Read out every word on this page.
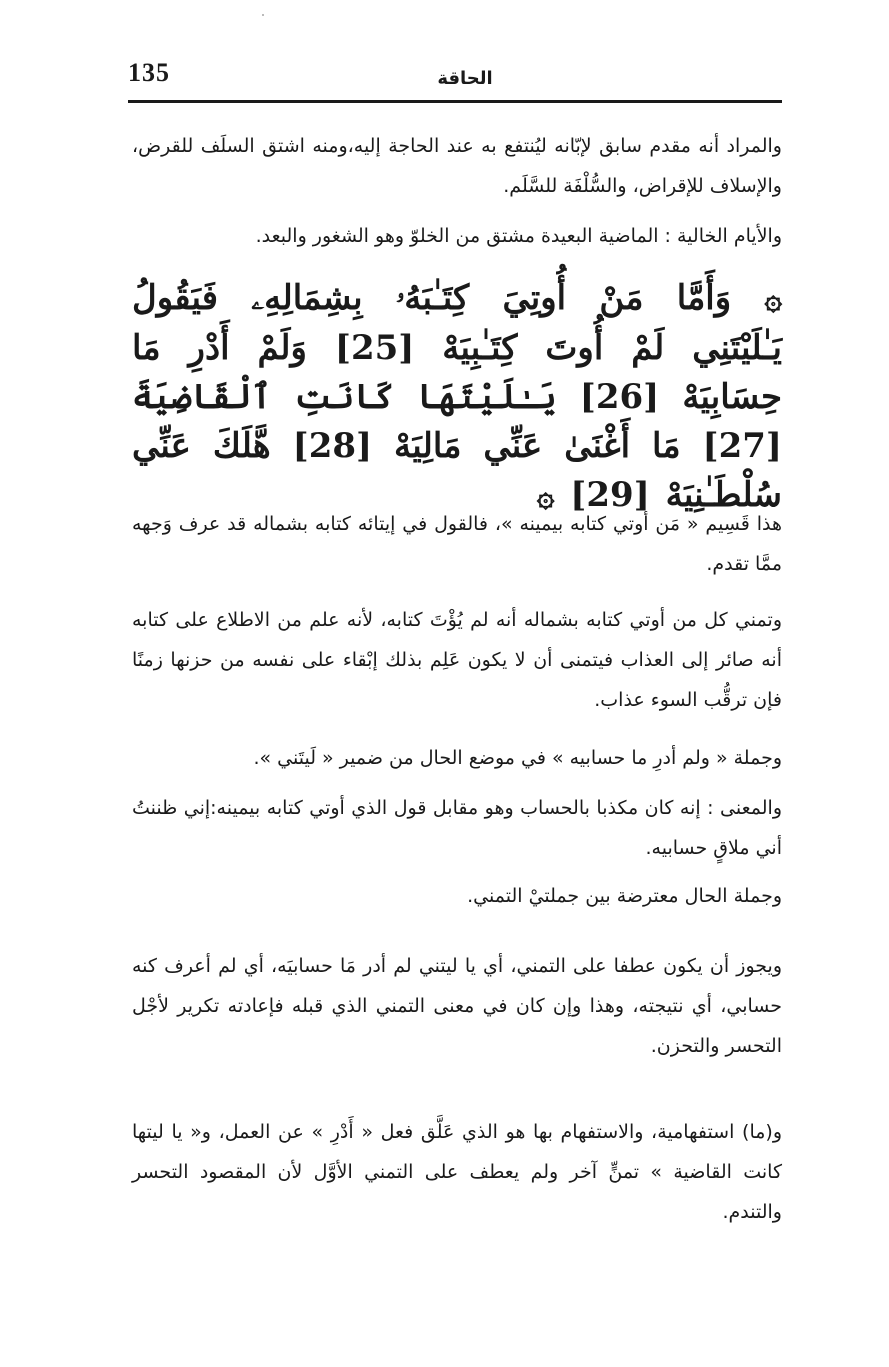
135	الحاقة
والمراد أنه مقدم سابق لإبّانه ليُنتفع به عند الحاجة إليه،ومنه اشتق السلَف للقرض، والإسلاف للإقراض، والسُّلْفَة للسَّلَم.
والأيام الخالية : الماضية البعيدة مشتق من الخلوّ وهو الشغور والبعد.
۞ وَأَمَّا مَنْ أُوتِيَ كِتَـٰبَهُۥ بِشِمَالِهِۦ فَيَقُولُ يَـٰلَيْتَنِي لَمْ أُوتَ كِتَـٰبِيَهْ [25] وَلَمْ أَدْرِ مَا حِسَابِيَهْ [26] يَـٰلَيْتَهَا كَانَتِ ٱلْقَاضِيَةَ [27] مَا أَغْنَىٰ عَنِّي مَالِيَهْ [28] هَّلَكَ عَنِّي سُلْطَـٰنِيَهْ [29] ۞
هذا قَسِيم « مَن أوتي كتابه بيمينه »، فالقول في إيتائه كتابه بشماله قد عرف وَجهه ممَّا تقدم.
وتمني كل من أوتي كتابه بشماله أنه لم يُؤْتَ كتابه، لأنه علم من الاطلاع على كتابه أنه صائر إلى العذاب فيتمنى أن لا يكون عَلِم بذلك إبْقاء على نفسه من حزنها زمنًا فإن ترقُّب السوء عذاب.
وجملة « ولم أدرِ ما حسابيه » في موضع الحال من ضمير « لَيتَني ».
والمعنى : إنه كان مكذبا بالحساب وهو مقابل قول الذي أوتي كتابه بيمينه:إني ظننتُ أني ملاقٍ حسابيه.
وجملة الحال معترضة بين جملتيْ التمني.
ويجوز أن يكون عطفا على التمني، أي يا ليتني لم أدر مَا حسابيَه، أي لم أعرف كنه حسابي، أي نتيجته، وهذا وإن كان في معنى التمني الذي قبله فإعادته تكرير لأجْل التحسر والتحزن.
و(ما) استفهامية، والاستفهام بها هو الذي عَلَّق فعل « أَدْرِ » عن العمل، و« يا ليتها كانت القاضية » تمنٍّ آخر ولم يعطف على التمني الأوَّل لأن المقصود التحسر والتندم.
